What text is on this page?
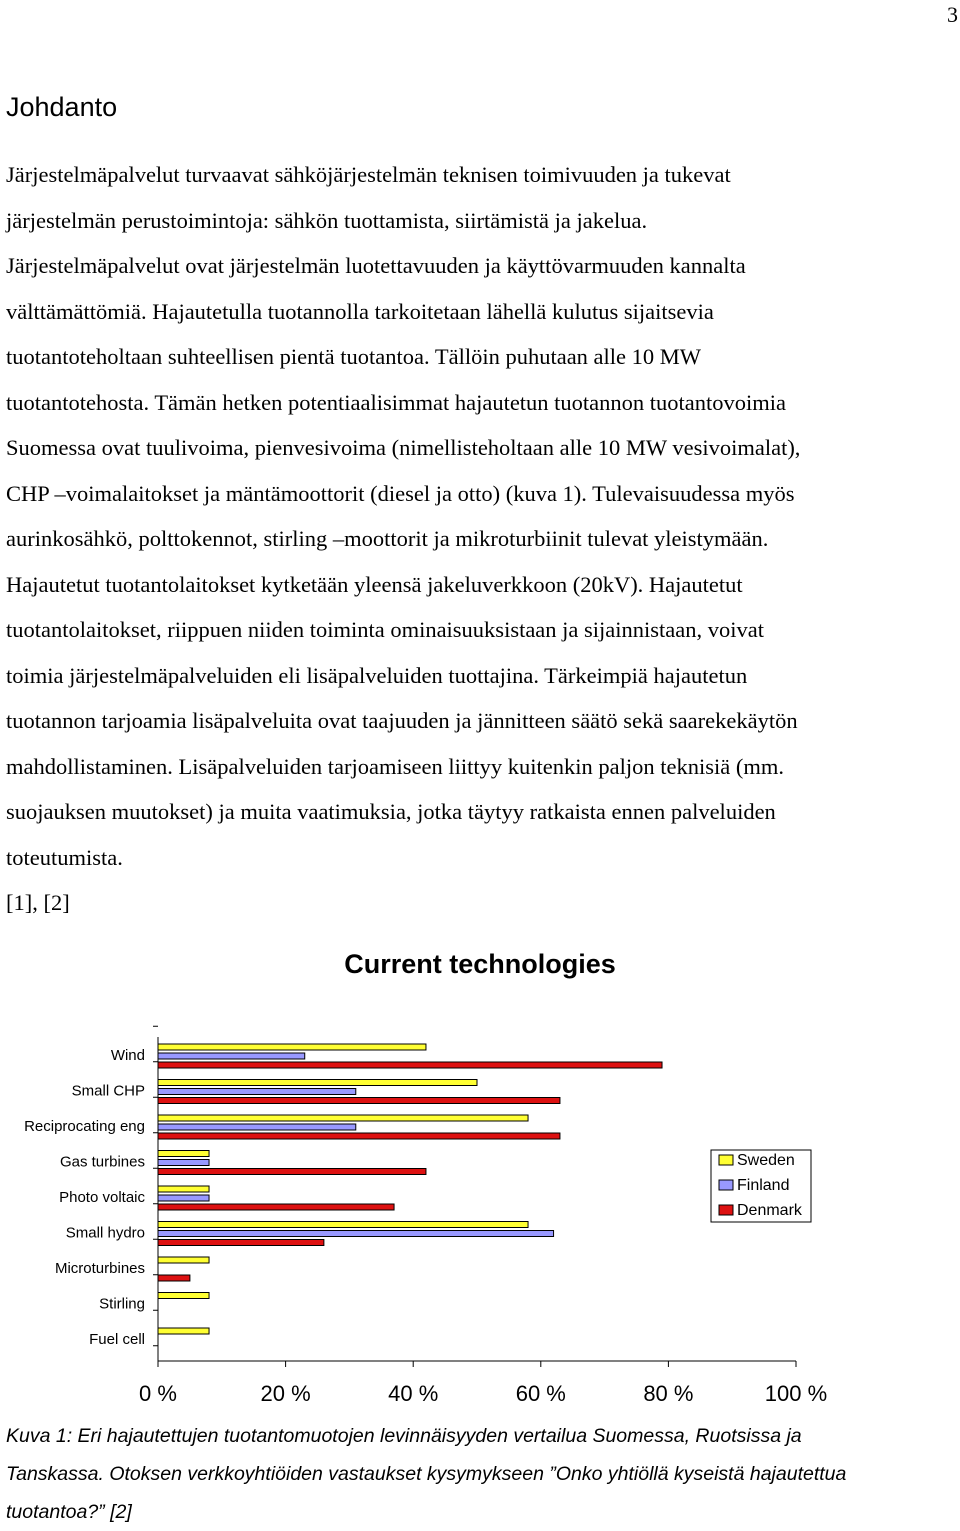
3
Johdanto
Järjestelmäpalvelut turvaavat sähköjärjestelmän teknisen toimivuuden ja tukevat
järjestelmän perustoimintoja: sähkön tuottamista, siirtämistä ja jakelua.
Järjestelmäpalvelut ovat järjestelmän luotettavuuden ja käyttövarmuuden kannalta
välttämättömiä. Hajautetulla tuotannolla tarkoitetaan lähellä kulutus sijaitsevia
tuotantoteholtaan suhteellisen pientä tuotantoa. Tällöin puhutaan alle 10 MW
tuotantotehosta. Tämän hetken potentiaalisimmat hajautetun tuotannon tuotantovoimia
Suomessa ovat tuulivoima, pienvesivoima (nimellisteholtaan alle 10 MW vesivoimalat),
CHP –voimalaitokset ja mäntämoottorit (diesel ja otto) (kuva 1). Tulevaisuudessa myös
aurinkosähkö, polttokennot, stirling –moottorit ja mikroturbiinit tulevat yleistymään.
Hajautetut tuotantolaitokset kytketään yleensä jakeluverkkoon (20kV). Hajautetut
tuotantolaitokset, riippuen niiden toiminta ominaisuuksistaan ja sijainnistaan, voivat
toimia järjestelmäpalveluiden eli lisäpalveluiden tuottajina. Tärkeimpiä hajautetun
tuotannon tarjoamia lisäpalveluita ovat taajuuden ja jännitteen säätö sekä saarekekäytön
mahdollistaminen. Lisäpalveluiden tarjoamiseen liittyy kuitenkin paljon teknisiä (mm.
suojauksen muutokset) ja muita vaatimuksia, jotka täytyy ratkaista ennen palveluiden
toteutumista.
[1], [2]
Current technologies
0 %	20 %	40 %	60 %	80 %	100 %
Wind
Small CHP
Reciprocating eng
Gas turbines
Photo voltaic
Small hydro
Microturbines
Stirling
Fuel cell
Sweden
Finland
Denmark
Kuva 1: Eri hajautettujen tuotantomuotojen levinnäisyyden vertailua Suomessa, Ruotsissa ja
Tanskassa. Otoksen verkkoyhtiöiden vastaukset kysymykseen ”Onko yhtiöllä kyseistä hajautettua
tuotantoa?” [2]
